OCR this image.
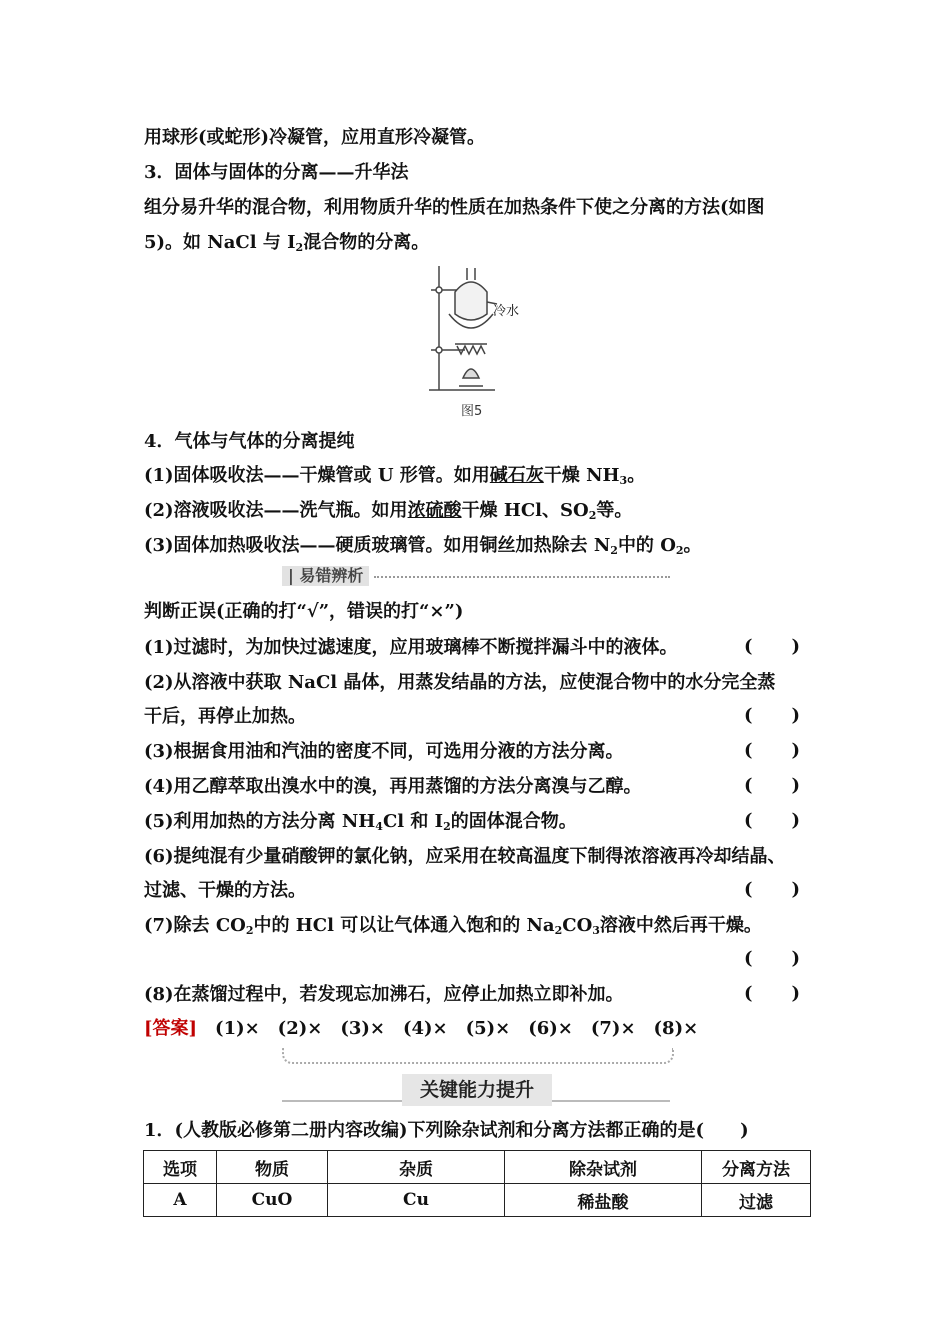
用球形(或蛇形)冷凝管，应用直形冷凝管。
3．固体与固体的分离——升华法
组分易升华的混合物，利用物质升华的性质在加热条件下使之分离的方法(如图
5)。如 NaCl 与 $I_2$混合物的分离。
冷水
图5
4．气体与气体的分离提纯
(1)固体吸收法——干燥管或 U 形管。如用碱石灰干燥 $NH_3$。
(2)溶液吸收法——洗气瓶。如用浓硫酸干燥 HCl、$SO_2$等。
(3)固体加热吸收法——硬质玻璃管。如用铜丝加热除去 $N_2$中的 $O_2$。
| 易错辨析
判断正误(正确的打“√”，错误的打“×”)
(1)过滤时，为加快过滤速度，应用玻璃棒不断搅拌漏斗中的液体。	( )
(2)从溶液中获取 NaCl 晶体，用蒸发结晶的方法，应使混合物中的水分完全蒸
干后，再停止加热。	( )
(3)根据食用油和汽油的密度不同，可选用分液的方法分离。	( )
(4)用乙醇萃取出溴水中的溴，再用蒸馏的方法分离溴与乙醇。	( )
(5)利用加热的方法分离 $NH_4Cl$ 和 $I_2$的固体混合物。	( )
(6)提纯混有少量硝酸钾的氯化钠，应采用在较高温度下制得浓溶液再冷却结晶、
过滤、干燥的方法。	( )
(7)除去 $CO_2$中的 HCl 可以让气体通入饱和的 $Na_2CO_3$溶液中然后再干燥。
( )
(8)在蒸馏过程中，若发现忘加沸石，应停止加热立即补加。	( )
[答案]　 (1)×　(2)×　(3)×　(4)×　(5)×　(6)×　(7)×　(8)×
关键能力提升
1．(人教版必修第二册内容改编)下列除杂试剂和分离方法都正确的是(　　)
选项	物质	杂质	除杂试剂	分离方法
A	CuO	Cu	稀盐酸	过滤
